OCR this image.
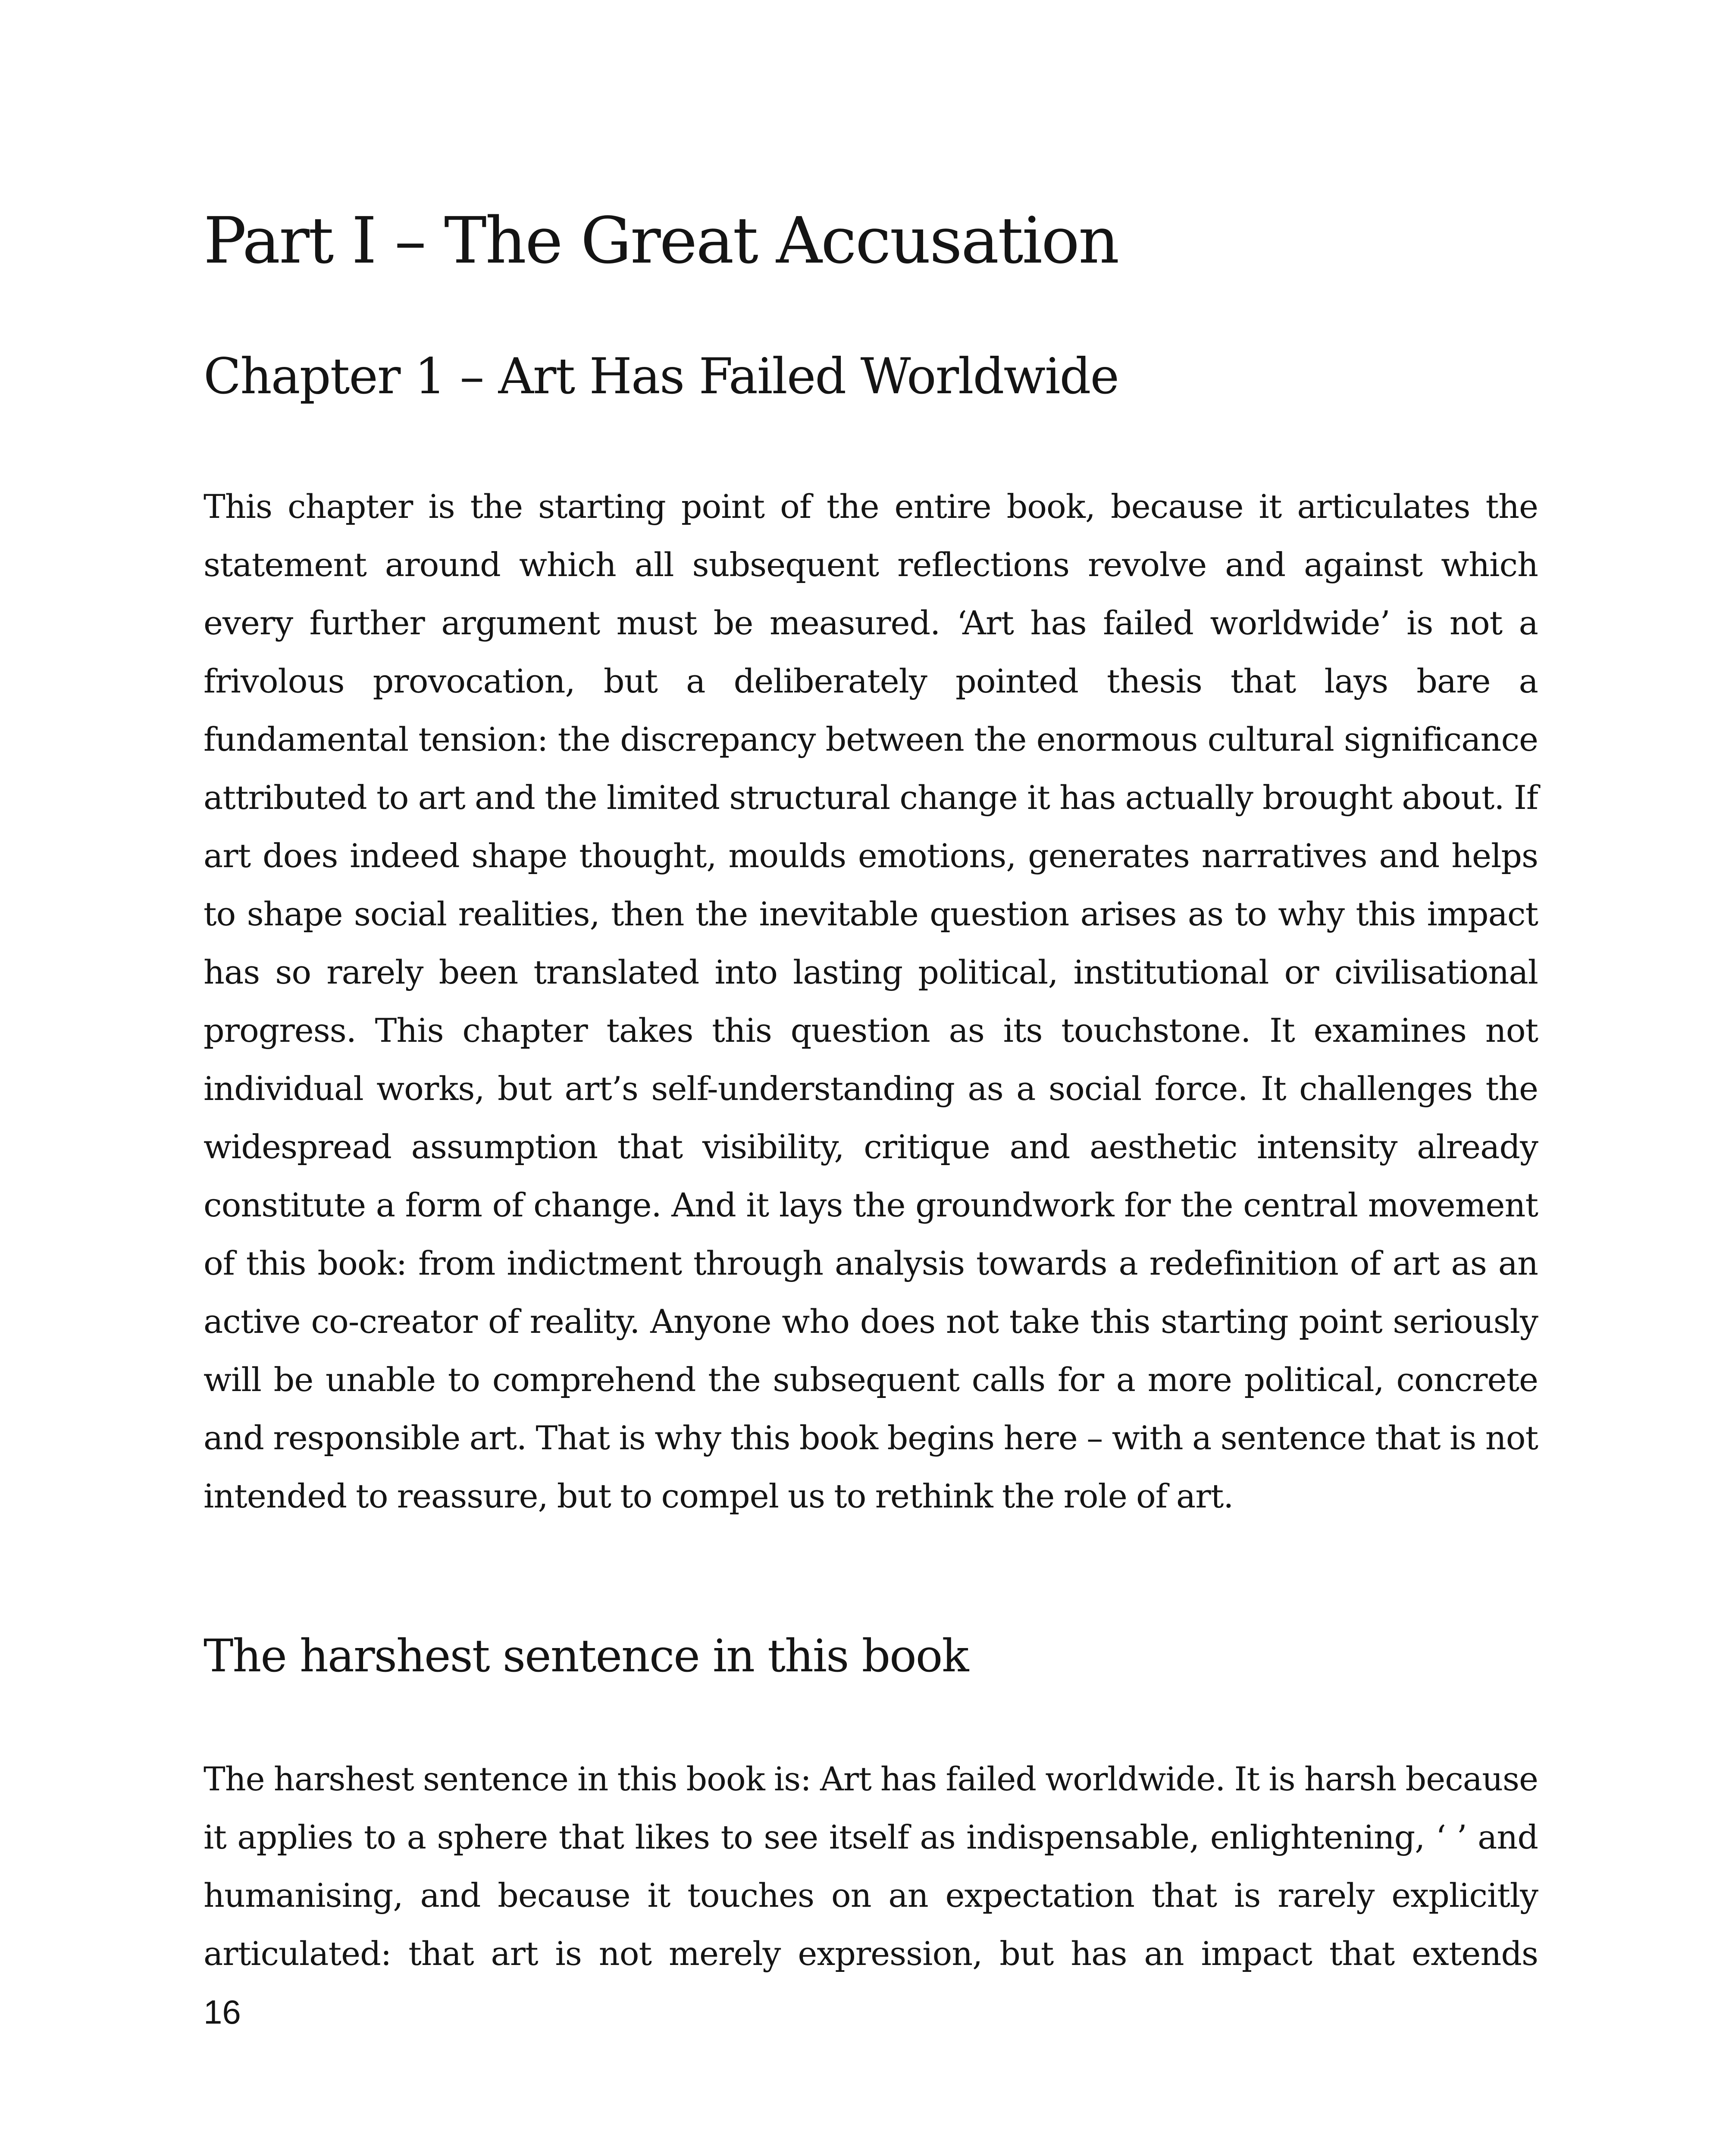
Part I – The Great Accusation
Chapter 1 – Art Has Failed Worldwide

This chapter is the starting point of the entire book, because it articulates the statement around which all subsequent reflections revolve and against which every further argument must be measured. ‘Art has failed worldwide’ is not a frivolous provocation, but a deliberately pointed thesis that lays bare a fundamental tension: the discrepancy between the enormous cultural significance attributed to art and the limited structural change it has actually brought about. If art does indeed shape thought, moulds emotions, generates narratives and helps to shape social realities, then the inevitable question arises as to why this impact has so rarely been translated into lasting political, institutional or civilisational progress. This chapter takes this question as its touchstone. It examines not individual works, but art’s self-understanding as a social force. It challenges the widespread assumption that visibility, critique and aesthetic intensity already constitute a form of change. And it lays the groundwork for the central movement of this book: from indictment through analysis towards a redefinition of art as an active co-creator of reality. Anyone who does not take this starting point seriously will be unable to comprehend the subsequent calls for a more political, concrete and responsible art. That is why this book begins here – with a sentence that is not intended to reassure, but to compel us to rethink the role of art.

The harshest sentence in this book

The harshest sentence in this book is: Art has failed worldwide. It is harsh because it applies to a sphere that likes to see itself as indispensable, enlightening, ‘ ’ and humanising, and because it touches on an expectation that is rarely explicitly articulated: that art is not merely expression, but has an impact that extends

16
